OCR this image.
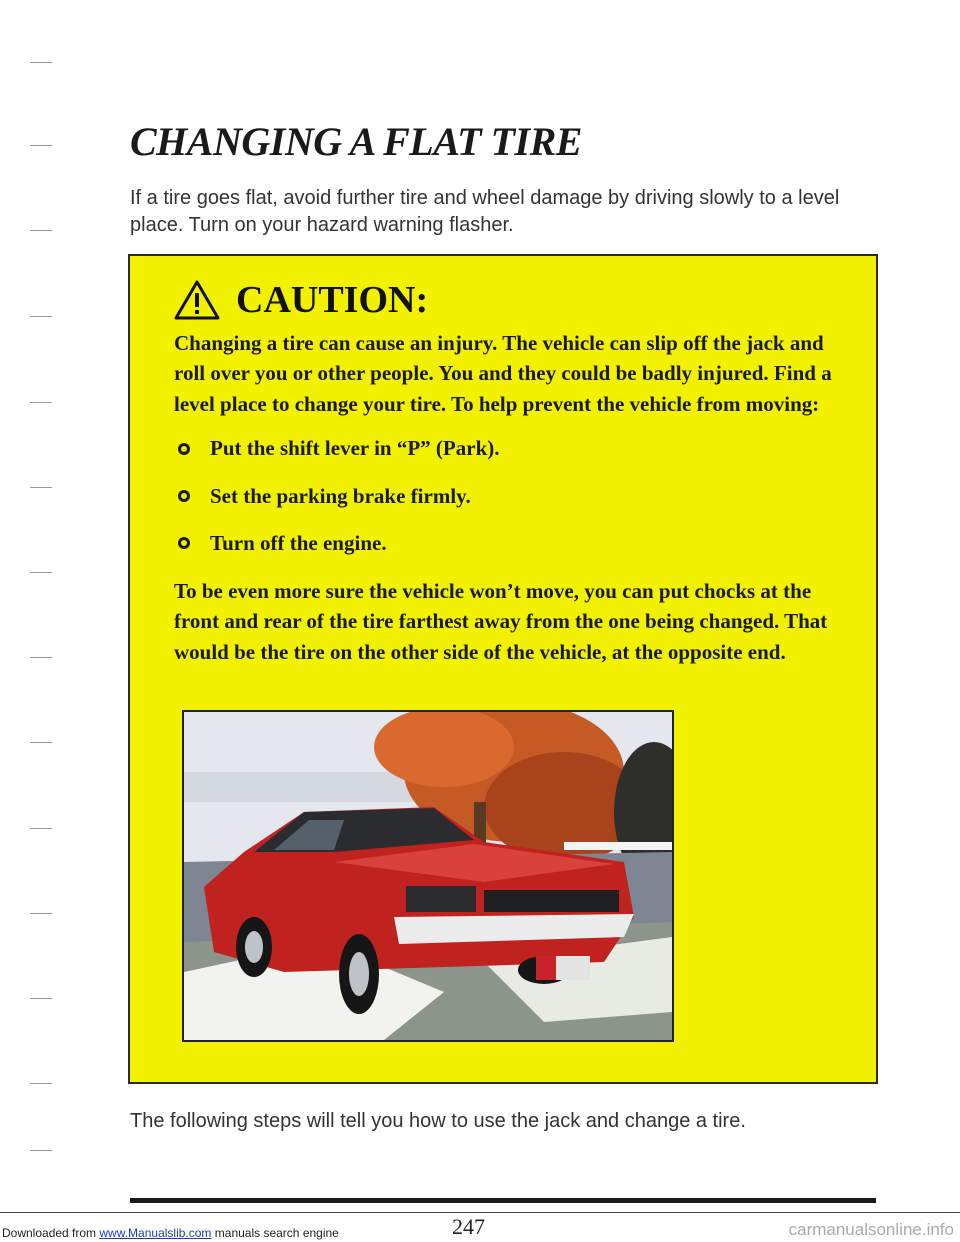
CHANGING A FLAT TIRE

If a tire goes flat, avoid further tire and wheel damage by driving slowly to a level place. Turn on your hazard warning flasher.

CAUTION:

Changing a tire can cause an injury. The vehicle can slip off the jack and roll over you or other people. You and they could be badly injured. Find a level place to change your tire. To help prevent the vehicle from moving:

Put the shift lever in “P” (Park).
Set the parking brake firmly.
Turn off the engine.

To be even more sure the vehicle won’t move, you can put chocks at the front and rear of the tire farthest away from the one being changed. That would be the tire on the other side of the vehicle, at the opposite end.

The following steps will tell you how to use the jack and change a tire.

247
Downloaded from www.Manualslib.com manuals search engine	carmanualsonline.info
